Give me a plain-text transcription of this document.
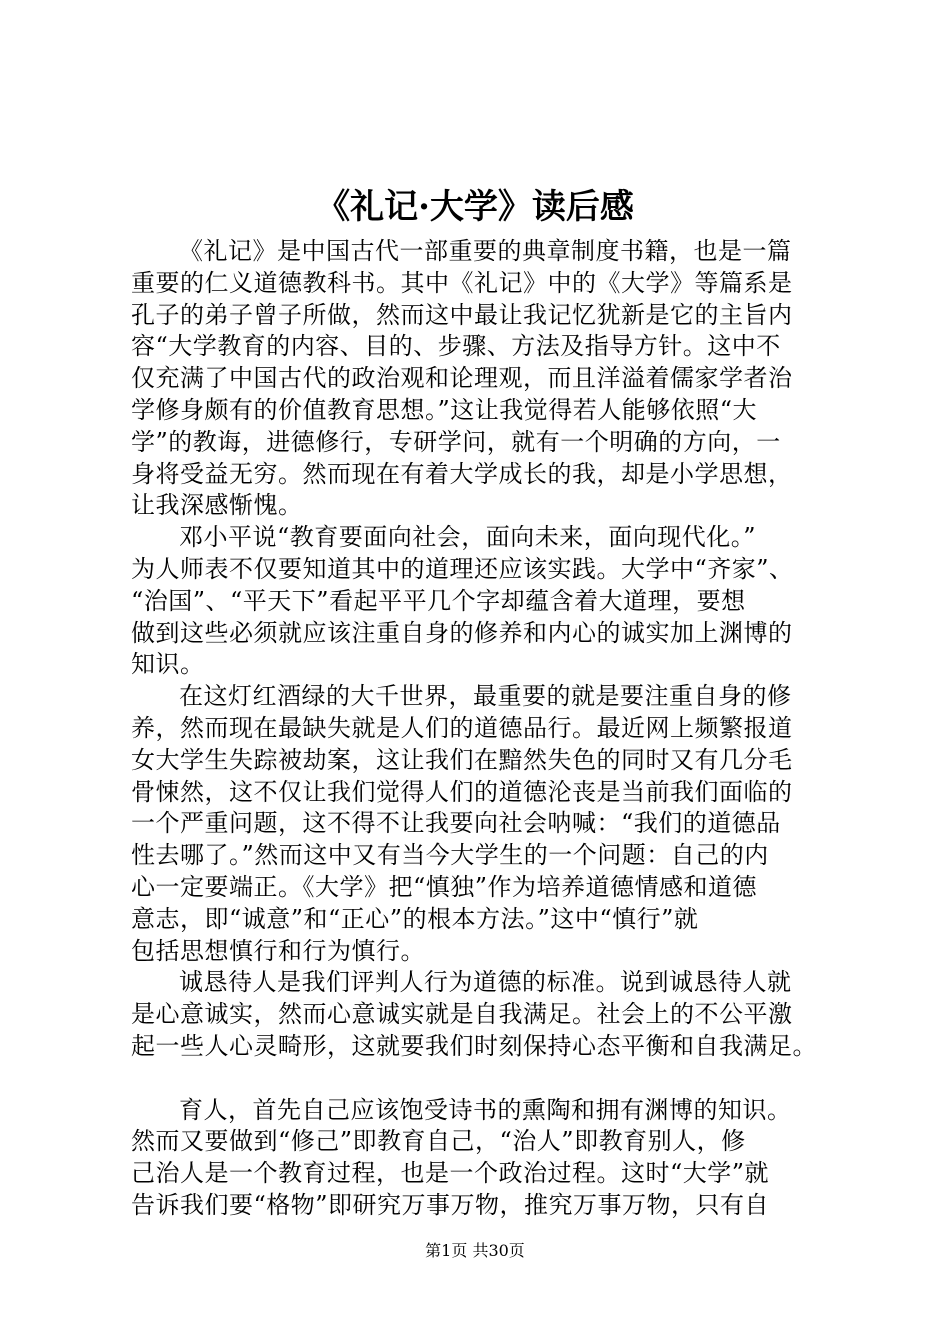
《礼记·大学》读后感
《礼记》是中国古代一部重要的典章制度书籍，也是一篇
重要的仁义道德教科书。其中《礼记》中的《大学》等篇系是
孔子的弟子曾子所做，然而这中最让我记忆犹新是它的主旨内
容“大学教育的内容、目的、步骤、方法及指导方针。这中不
仅充满了中国古代的政治观和论理观，而且洋溢着儒家学者治
学修身颇有的价值教育思想。”这让我觉得若人能够依照“大
学”的教诲，进德修行，专研学问，就有一个明确的方向，一
身将受益无穷。然而现在有着大学成长的我，却是小学思想，
让我深感惭愧。
邓小平说“教育要面向社会，面向未来，面向现代化。”
为人师表不仅要知道其中的道理还应该实践。大学中“齐家”、
“治国”、“平天下”看起平平几个字却蕴含着大道理，要想
做到这些必须就应该注重自身的修养和内心的诚实加上渊博的
知识。
在这灯红酒绿的大千世界，最重要的就是要注重自身的修
养，然而现在最缺失就是人们的道德品行。最近网上频繁报道
女大学生失踪被劫案，这让我们在黯然失色的同时又有几分毛
骨悚然，这不仅让我们觉得人们的道德沦丧是当前我们面临的
一个严重问题，这不得不让我要向社会呐喊：“我们的道德品
性去哪了。”然而这中又有当今大学生的一个问题：自己的内
心一定要端正。《大学》把“慎独”作为培养道德情感和道德
意志，即“诚意”和“正心”的根本方法。”这中“慎行”就
包括思想慎行和行为慎行。
诚恳待人是我们评判人行为道德的标准。说到诚恳待人就
是心意诚实，然而心意诚实就是自我满足。社会上的不公平激
起一些人心灵畸形，这就要我们时刻保持心态平衡和自我满足。
育人，首先自己应该饱受诗书的熏陶和拥有渊博的知识。
然而又要做到“修己”即教育自己，“治人”即教育别人，修
己治人是一个教育过程，也是一个政治过程。这时“大学”就
告诉我们要“格物”即研究万事万物，推究万事万物，只有自
第1页 共30页
